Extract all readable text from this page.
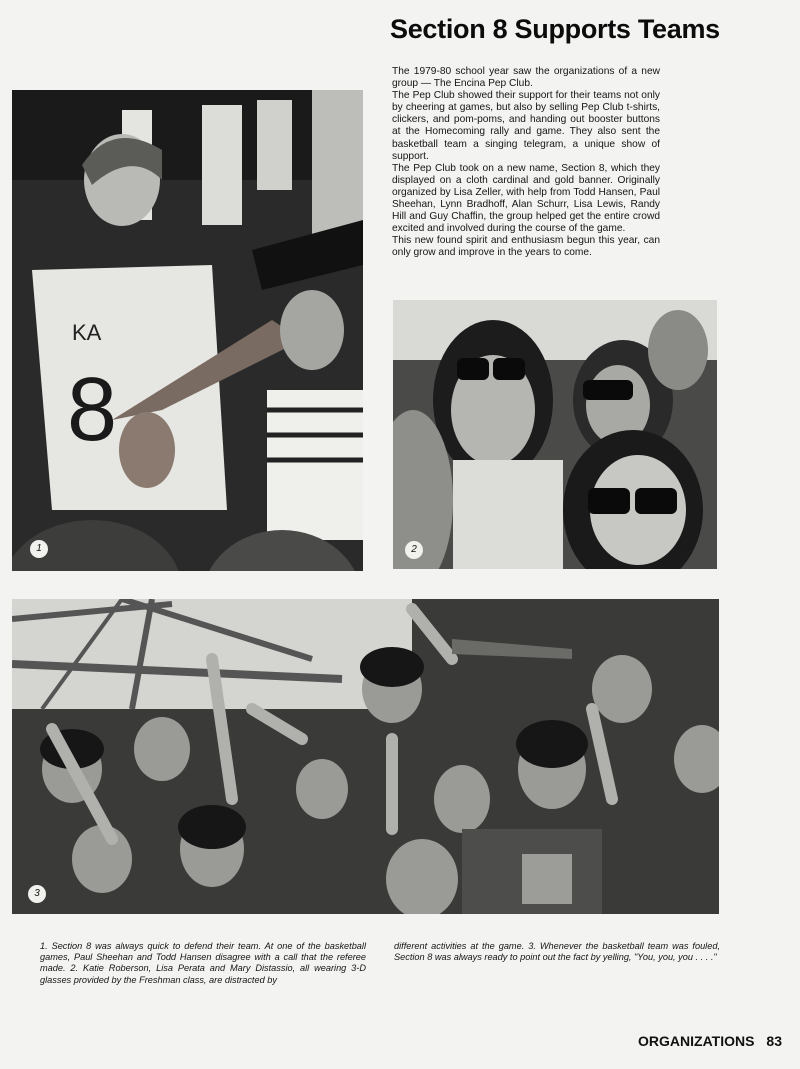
Section 8 Supports Teams

The 1979-80 school year saw the organizations of a new group — The Encina Pep Club.

The Pep Club showed their support for their teams not only by cheering at games, but also by selling Pep Club t-shirts, clickers, and pom-poms, and handing out booster buttons at the Homecoming rally and game. They also sent the basketball team a singing telegram, a unique show of support.

The Pep Club took on a new name, Section 8, which they displayed on a cloth cardinal and gold banner. Originally organized by Lisa Zeller, with help from Todd Hansen, Paul Sheehan, Lynn Bradhoff, Alan Schurr, Lisa Lewis, Randy Hill and Guy Chaffin, the group helped get the entire crowd excited and involved during the course of the game.

This new found spirit and enthusiasm begun this year, can only grow and improve in the years to come.

KA
8
1	2
3
1. Section 8 was always quick to defend their team. At one of the basketball games, Paul Sheehan and Todd Hansen disagree with a call that the referee made. 2. Katie Roberson, Lisa Perata and Mary Distassio, all wearing 3-D glasses provided by the Freshman class, are distracted by
different activities at the game. 3. Whenever the basketball team was fouled, Section 8 was always ready to point out the fact by yelling, "You, you, you . . . ."
ORGANIZATIONS 83
